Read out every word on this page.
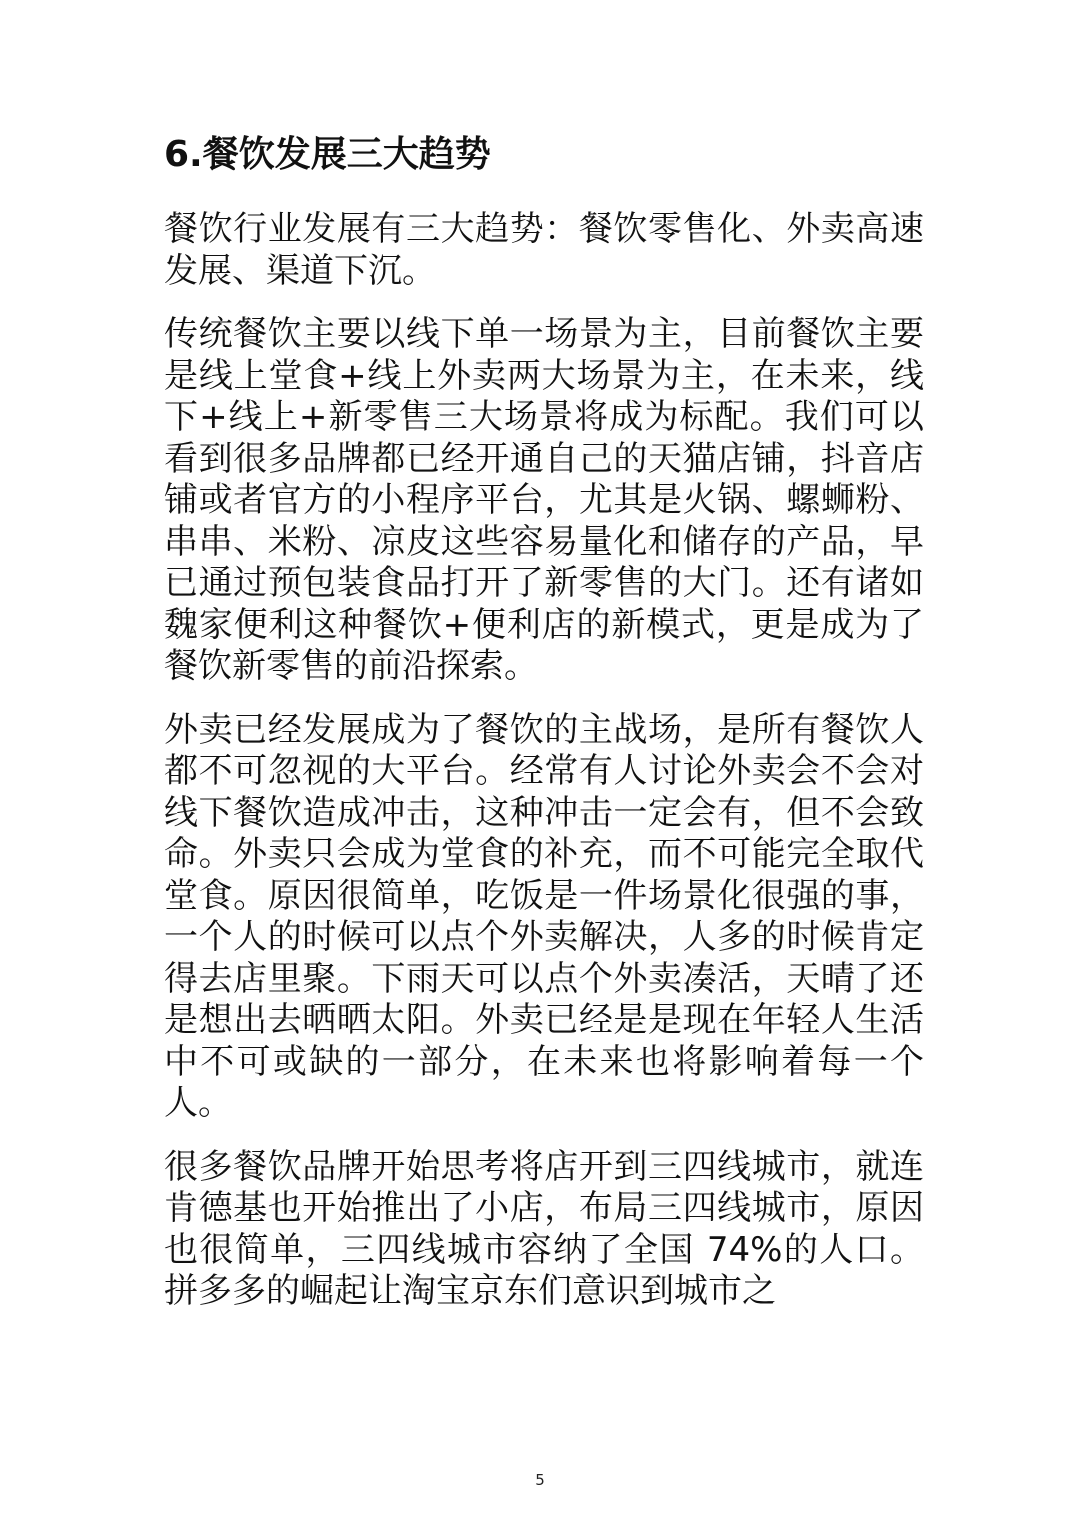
6.餐饮发展三大趋势

餐饮行业发展有三大趋势：餐饮零售化、外卖高速发展、渠道下沉。

传统餐饮主要以线下单一场景为主，目前餐饮主要是线上堂食+线上外卖两大场景为主，在未来，线下+线上+新零售三大场景将成为标配。我们可以看到很多品牌都已经开通自己的天猫店铺，抖音店铺或者官方的小程序平台，尤其是火锅、螺蛳粉、串串、米粉、凉皮这些容易量化和储存的产品，早已通过预包装食品打开了新零售的大门。还有诸如魏家便利这种餐饮+便利店的新模式，更是成为了餐饮新零售的前沿探索。

外卖已经发展成为了餐饮的主战场，是所有餐饮人都不可忽视的大平台。经常有人讨论外卖会不会对线下餐饮造成冲击，这种冲击一定会有，但不会致命。外卖只会成为堂食的补充，而不可能完全取代堂食。原因很简单，吃饭是一件场景化很强的事，一个人的时候可以点个外卖解决，人多的时候肯定得去店里聚。下雨天可以点个外卖凑活，天晴了还是想出去晒晒太阳。外卖已经是是现在年轻人生活中不可或缺的一部分，在未来也将影响着每一个人。

很多餐饮品牌开始思考将店开到三四线城市，就连肯德基也开始推出了小店，布局三四线城市，原因也很简单，三四线城市容纳了全国 74%的人口。拼多多的崛起让淘宝京东们意识到城市之

5
